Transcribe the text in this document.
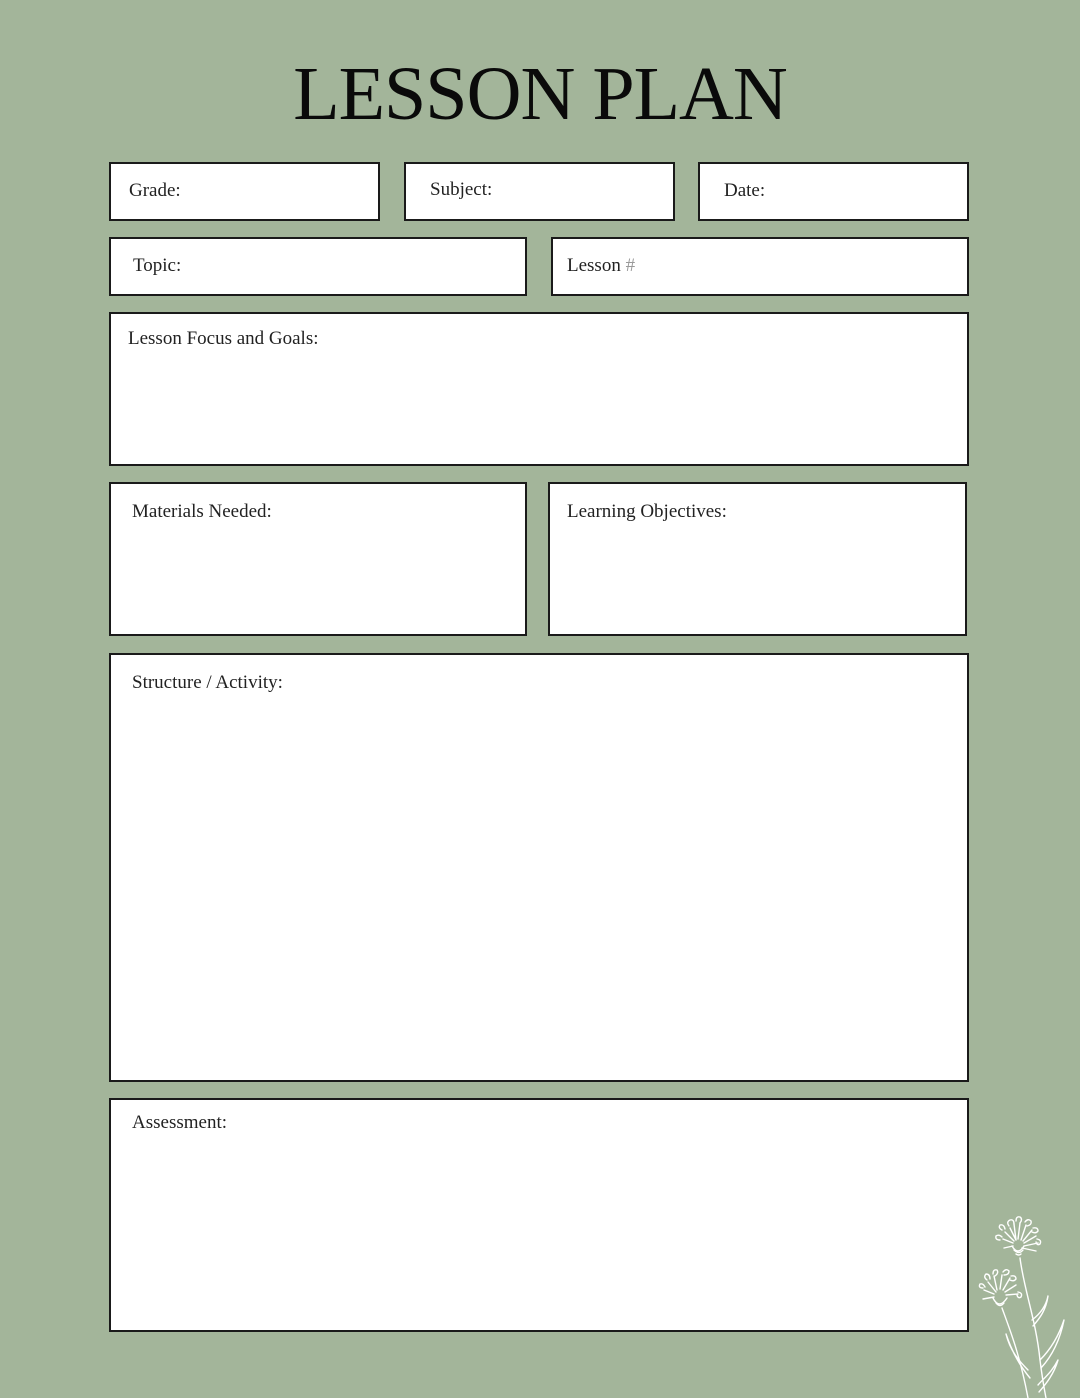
LESSON PLAN
Grade:	Subject:	Date:
Topic:	Lesson #
Lesson Focus and Goals:
Materials Needed:	Learning Objectives:
Structure / Activity:
Assessment:
